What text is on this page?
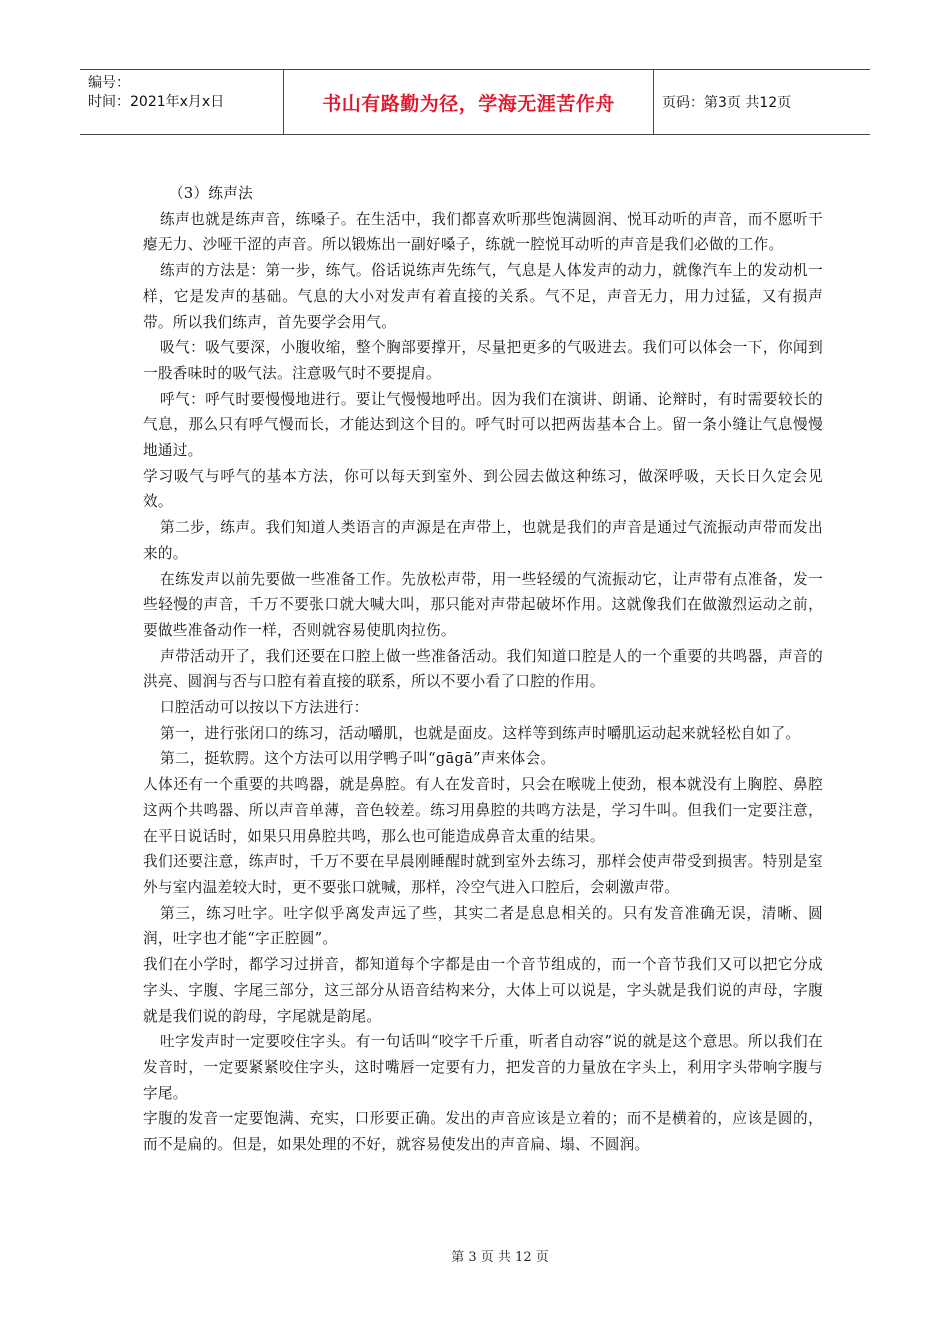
编号：
时间：2021年x月x日	书山有路勤为径，学海无涯苦作舟	页码：第3页 共12页

（3）练声法

练声也就是练声音，练嗓子。在生活中，我们都喜欢听那些饱满圆润、悦耳动听的声音，而不愿听干瘪无力、沙哑干涩的声音。所以锻炼出一副好嗓子，练就一腔悦耳动听的声音是我们必做的工作。

练声的方法是：第一步，练气。俗话说练声先练气，气息是人体发声的动力，就像汽车上的发动机一样，它是发声的基础。气息的大小对发声有着直接的关系。气不足，声音无力，用力过猛，又有损声带。所以我们练声，首先要学会用气。

吸气：吸气要深，小腹收缩，整个胸部要撑开，尽量把更多的气吸进去。我们可以体会一下，你闻到一股香味时的吸气法。注意吸气时不要提肩。

呼气：呼气时要慢慢地进行。要让气慢慢地呼出。因为我们在演讲、朗诵、论辩时，有时需要较长的气息，那么只有呼气慢而长，才能达到这个目的。呼气时可以把两齿基本合上。留一条小缝让气息慢慢地通过。

学习吸气与呼气的基本方法，你可以每天到室外、到公园去做这种练习，做深呼吸，天长日久定会见效。

第二步，练声。我们知道人类语言的声源是在声带上，也就是我们的声音是通过气流振动声带而发出来的。

在练发声以前先要做一些准备工作。先放松声带，用一些轻缓的气流振动它，让声带有点准备，发一些轻慢的声音，千万不要张口就大喊大叫，那只能对声带起破坏作用。这就像我们在做激烈运动之前，要做些准备动作一样，否则就容易使肌肉拉伤。

声带活动开了，我们还要在口腔上做一些准备活动。我们知道口腔是人的一个重要的共鸣器，声音的洪亮、圆润与否与口腔有着直接的联系，所以不要小看了口腔的作用。

口腔活动可以按以下方法进行：

第一，进行张闭口的练习，活动嚼肌，也就是面皮。这样等到练声时嚼肌运动起来就轻松自如了。

第二，挺软腭。这个方法可以用学鸭子叫“gāgā”声来体会。

人体还有一个重要的共鸣器，就是鼻腔。有人在发音时，只会在喉咙上使劲，根本就没有上胸腔、鼻腔这两个共鸣器、所以声音单薄，音色较差。练习用鼻腔的共鸣方法是，学习牛叫。但我们一定要注意，在平日说话时，如果只用鼻腔共鸣，那么也可能造成鼻音太重的结果。

我们还要注意，练声时，千万不要在早晨刚睡醒时就到室外去练习，那样会使声带受到损害。特别是室外与室内温差较大时，更不要张口就喊，那样，冷空气进入口腔后，会刺激声带。

第三，练习吐字。吐字似乎离发声远了些，其实二者是息息相关的。只有发音准确无误，清晰、圆润，吐字也才能“字正腔圆”。

我们在小学时，都学习过拼音，都知道每个字都是由一个音节组成的，而一个音节我们又可以把它分成字头、字腹、字尾三部分，这三部分从语音结构来分，大体上可以说是，字头就是我们说的声母，字腹就是我们说的韵母，字尾就是韵尾。

吐字发声时一定要咬住字头。有一句话叫“咬字千斤重，听者自动容”说的就是这个意思。所以我们在发音时，一定要紧紧咬住字头，这时嘴唇一定要有力，把发音的力量放在字头上，利用字头带响字腹与字尾。

字腹的发音一定要饱满、充实，口形要正确。发出的声音应该是立着的；而不是横着的，应该是圆的，而不是扁的。但是，如果处理的不好，就容易使发出的声音扁、塌、不圆润。

第 3 页 共 12 页
